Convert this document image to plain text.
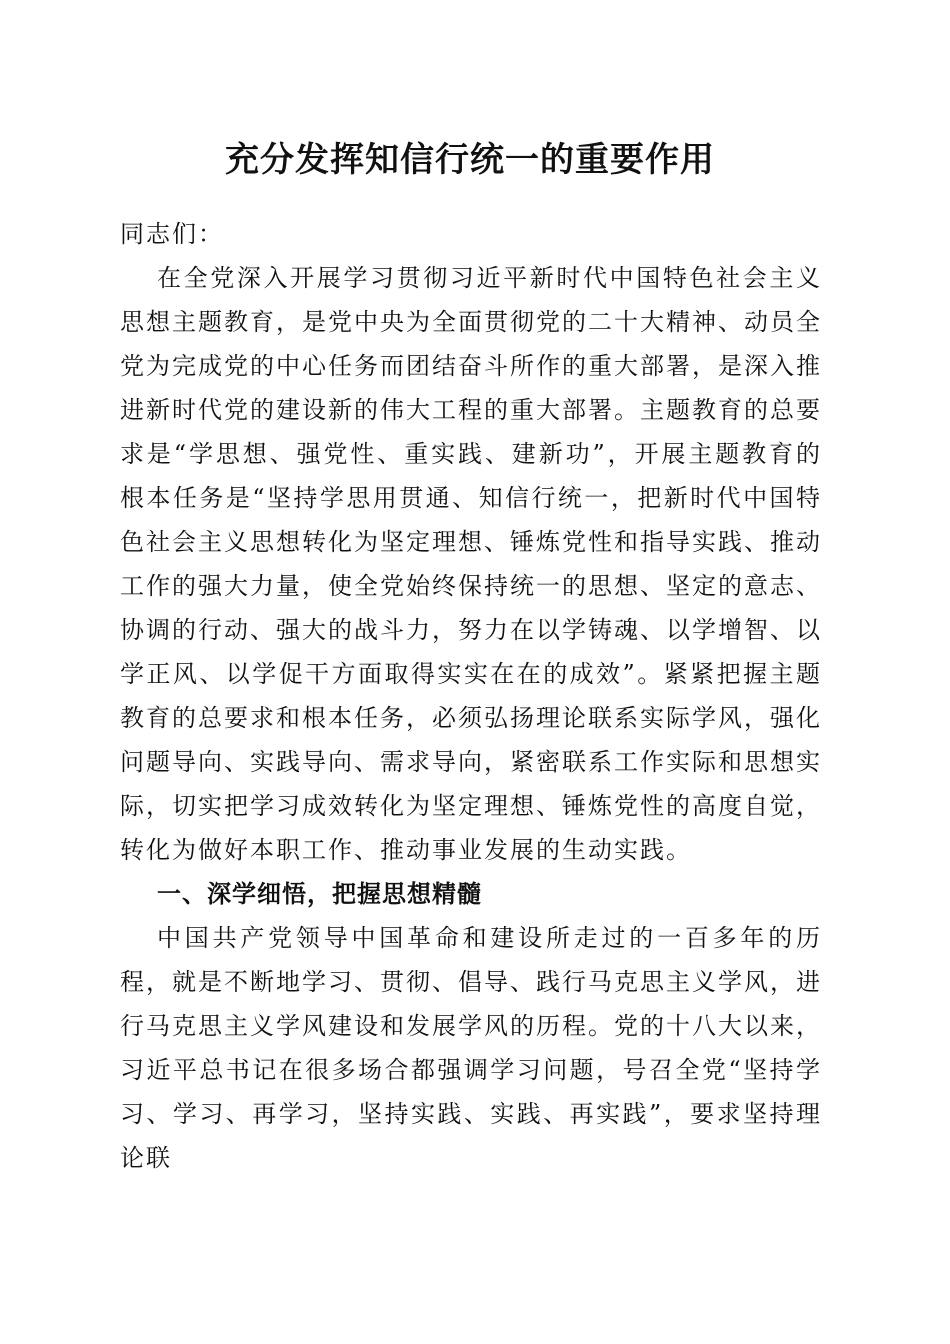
充分发挥知信行统一的重要作用

同志们：

在全党深入开展学习贯彻习近平新时代中国特色社会主义思想主题教育，是党中央为全面贯彻党的二十大精神、动员全党为完成党的中心任务而团结奋斗所作的重大部署，是深入推进新时代党的建设新的伟大工程的重大部署。主题教育的总要求是“学思想、强党性、重实践、建新功”，开展主题教育的根本任务是“坚持学思用贯通、知信行统一，把新时代中国特色社会主义思想转化为坚定理想、锤炼党性和指导实践、推动工作的强大力量，使全党始终保持统一的思想、坚定的意志、协调的行动、强大的战斗力，努力在以学铸魂、以学增智、以学正风、以学促干方面取得实实在在的成效”。紧紧把握主题教育的总要求和根本任务，必须弘扬理论联系实际学风，强化问题导向、实践导向、需求导向，紧密联系工作实际和思想实际，切实把学习成效转化为坚定理想、锤炼党性的高度自觉，转化为做好本职工作、推动事业发展的生动实践。

一、深学细悟，把握思想精髓

中国共产党领导中国革命和建设所走过的一百多年的历程，就是不断地学习、贯彻、倡导、践行马克思主义学风，进行马克思主义学风建设和发展学风的历程。党的十八大以来，习近平总书记在很多场合都强调学习问题，号召全党“坚持学习、学习、再学习，坚持实践、实践、再实践”，要求坚持理论联
